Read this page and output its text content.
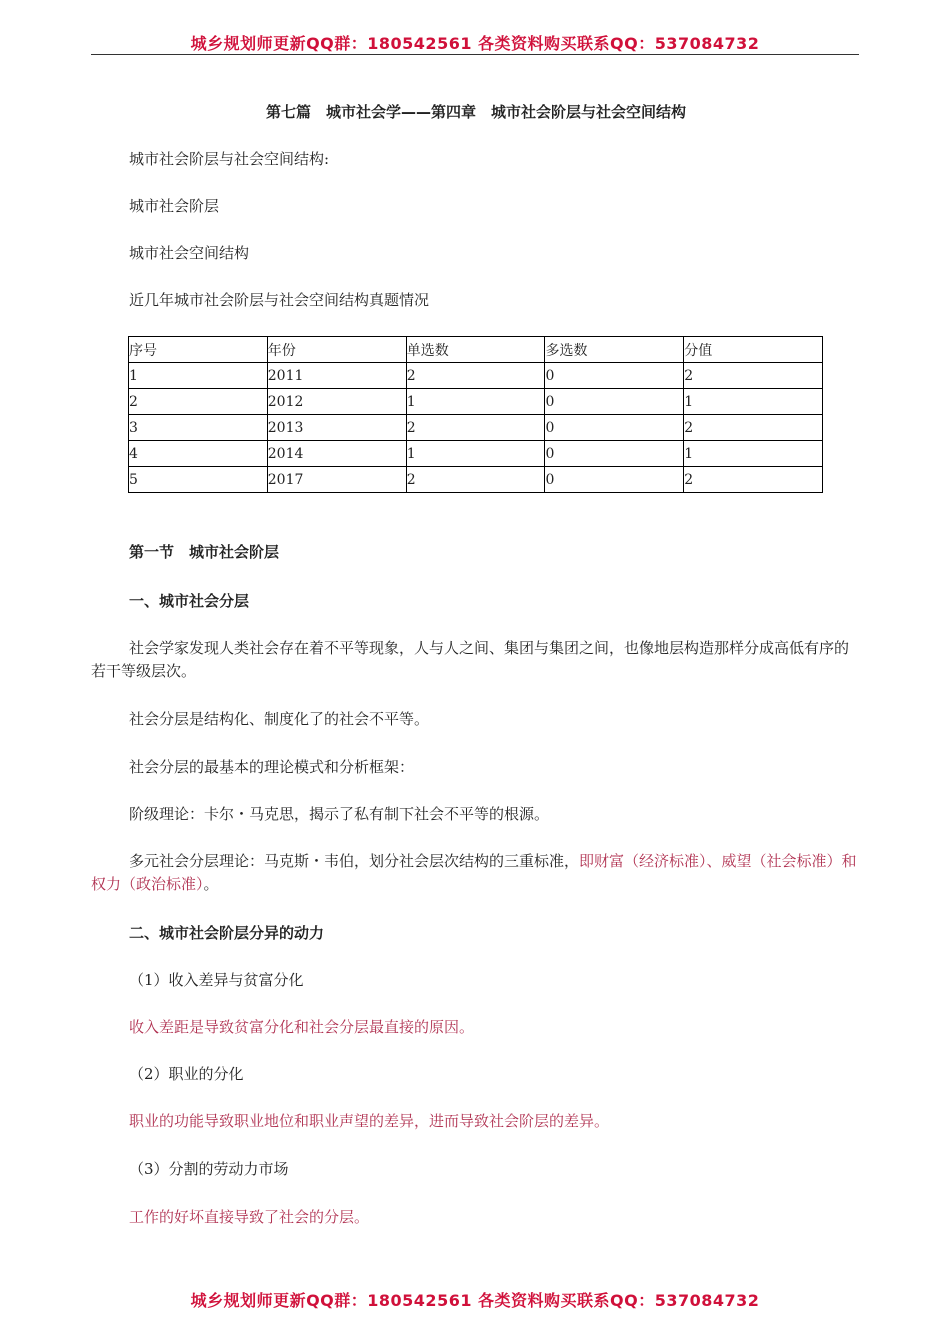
城乡规划师更新QQ群：180542561 各类资料购买联系QQ：537084732

第七篇　城市社会学——第四章　城市社会阶层与社会空间结构

城市社会阶层与社会空间结构:

城市社会阶层

城市社会空间结构

近几年城市社会阶层与社会空间结构真题情况

序号	年份	单选数	多选数	分值
1	2011	2	0	2
2	2012	1	0	1
3	2013	2	0	2
4	2014	1	0	1
5	2017	2	0	2

第一节　城市社会阶层

一、城市社会分层

社会学家发现人类社会存在着不平等现象，人与人之间、集团与集团之间，也像地层构造那样分成高低有序的若干等级层次。

社会分层是结构化、制度化了的社会不平等。

社会分层的最基本的理论模式和分析框架：

阶级理论：卡尔・马克思，揭示了私有制下社会不平等的根源。

多元社会分层理论：马克斯・韦伯，划分社会层次结构的三重标准，即财富（经济标准）、威望（社会标准）和权力（政治标准）。

二、城市社会阶层分异的动力

（1）收入差异与贫富分化

收入差距是导致贫富分化和社会分层最直接的原因。

（2）职业的分化

职业的功能导致职业地位和职业声望的差异，进而导致社会阶层的差异。

（3）分割的劳动力市场

工作的好坏直接导致了社会的分层。

城乡规划师更新QQ群：180542561 各类资料购买联系QQ：537084732
